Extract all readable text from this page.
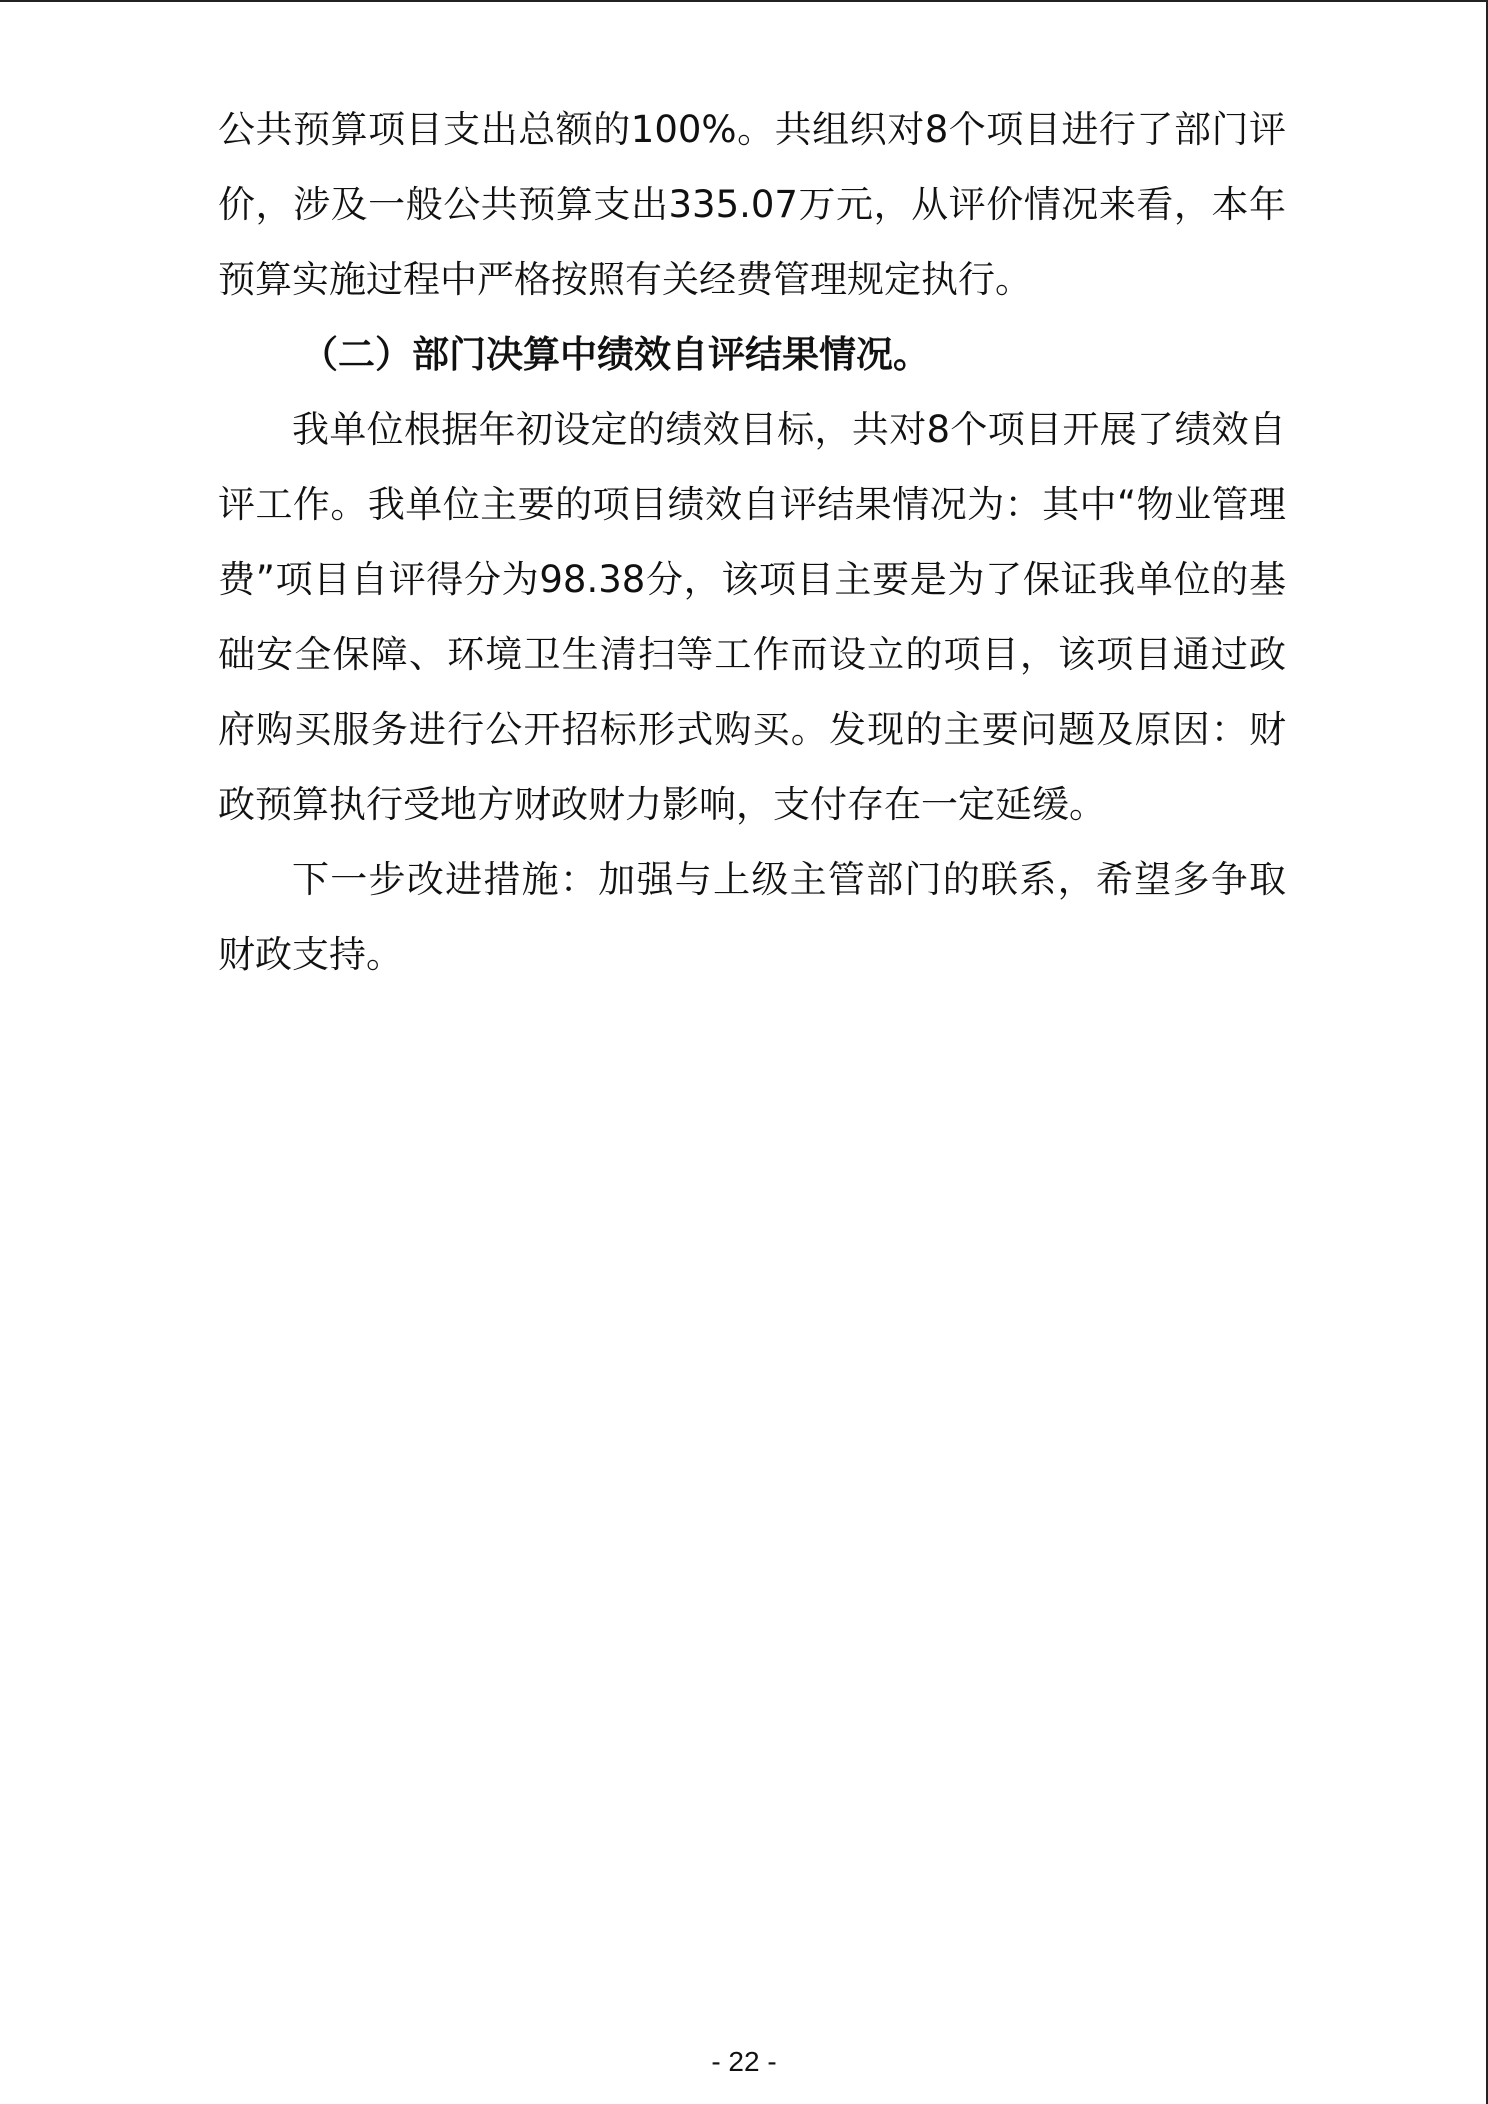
公共预算项目支出总额的100%。共组织对8个项目进行了部门评价，涉及一般公共预算支出335.07万元，从评价情况来看，本年预算实施过程中严格按照有关经费管理规定执行。

（二）部门决算中绩效自评结果情况。

我单位根据年初设定的绩效目标，共对8个项目开展了绩效自评工作。我单位主要的项目绩效自评结果情况为：其中“物业管理费”项目自评得分为98.38分，该项目主要是为了保证我单位的基础安全保障、环境卫生清扫等工作而设立的项目，该项目通过政府购买服务进行公开招标形式购买。发现的主要问题及原因：财政预算执行受地方财政财力影响，支付存在一定延缓。

下一步改进措施：加强与上级主管部门的联系，希望多争取财政支持。

- 22 -
